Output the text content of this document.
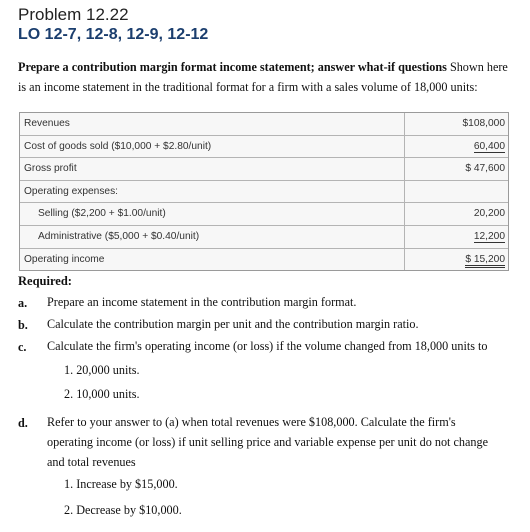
Problem 12.22
LO 12-7, 12-8, 12-9, 12-12
Prepare a contribution margin format income statement; answer what-if questions Shown here is an income statement in the traditional format for a firm with a sales volume of 18,000 units:
Revenues	$108,000
Cost of goods sold ($10,000 + $2.80/unit)	60,400
Gross profit	$ 47,600
Operating expenses:
Selling ($2,200 + $1.00/unit)	20,200
Administrative ($5,000 + $0.40/unit)	12,200
Operating income	$ 15,200
Required:
a. Prepare an income statement in the contribution margin format.
b. Calculate the contribution margin per unit and the contribution margin ratio.
c. Calculate the firm's operating income (or loss) if the volume changed from 18,000 units to
1. 20,000 units.
2. 10,000 units.
d. Refer to your answer to (a) when total revenues were $108,000. Calculate the firm's
operating income (or loss) if unit selling price and variable expense per unit do not change
and total revenues
1. Increase by $15,000.
2. Decrease by $10,000.
